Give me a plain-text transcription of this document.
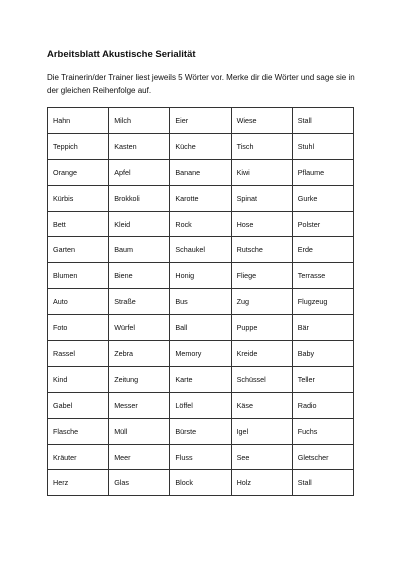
Arbeitsblatt Akustische Serialität
Die Trainerin/der Trainer liest jeweils 5 Wörter vor. Merke dir die Wörter und sage sie in der gleichen Reihenfolge auf.
Hahn	Milch	Eier	Wiese	Stall
Teppich	Kasten	Küche	Tisch	Stuhl
Orange	Apfel	Banane	Kiwi	Pflaume
Kürbis	Brokkoli	Karotte	Spinat	Gurke
Bett	Kleid	Rock	Hose	Polster
Garten	Baum	Schaukel	Rutsche	Erde
Blumen	Biene	Honig	Fliege	Terrasse
Auto	Straße	Bus	Zug	Flugzeug
Foto	Würfel	Ball	Puppe	Bär
Rassel	Zebra	Memory	Kreide	Baby
Kind	Zeitung	Karte	Schüssel	Teller
Gabel	Messer	Löffel	Käse	Radio
Flasche	Müll	Bürste	Igel	Fuchs
Kräuter	Meer	Fluss	See	Gletscher
Herz	Glas	Block	Holz	Stall
